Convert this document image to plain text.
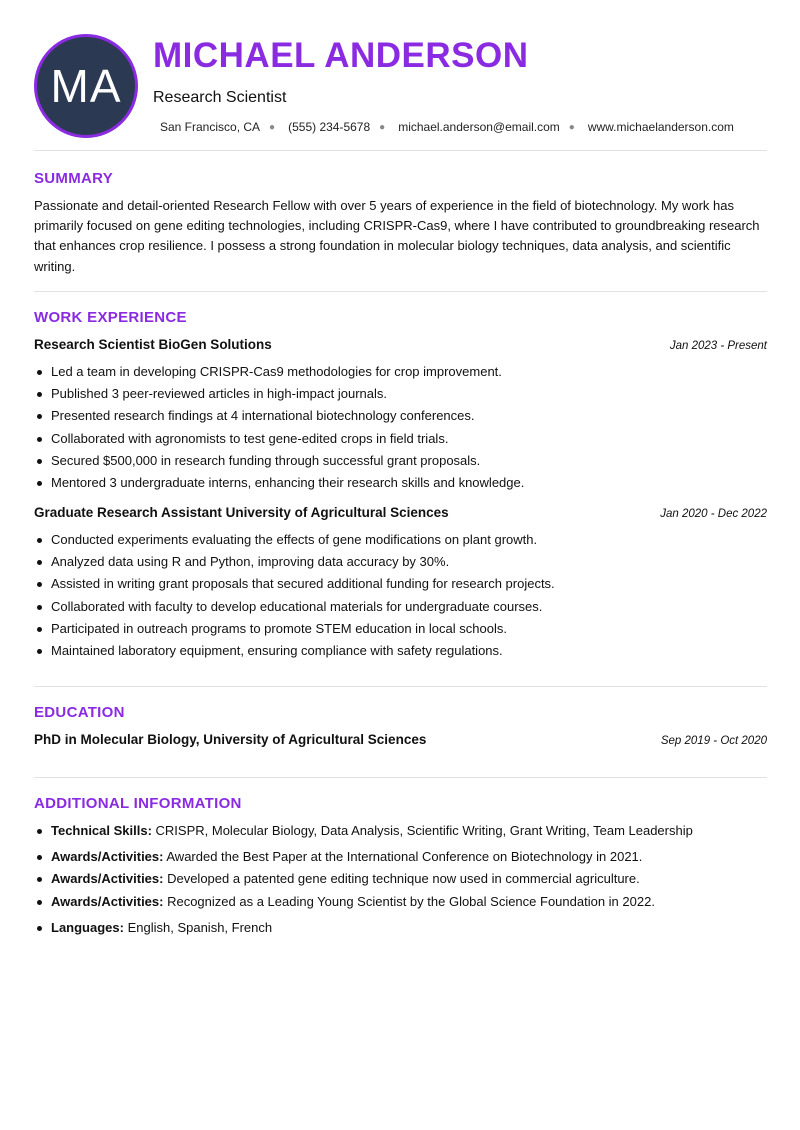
MA
MICHAEL ANDERSON
Research Scientist
San Francisco, CA ● (555) 234-5678 ● michael.anderson@email.com ● www.michaelanderson.com
SUMMARY
Passionate and detail-oriented Research Fellow with over 5 years of experience in the field of biotechnology. My work has primarily focused on gene editing technologies, including CRISPR-Cas9, where I have contributed to groundbreaking research that enhances crop resilience. I possess a strong foundation in molecular biology techniques, data analysis, and scientific writing.
WORK EXPERIENCE
Research Scientist BioGen Solutions	Jan 2023 - Present
Led a team in developing CRISPR-Cas9 methodologies for crop improvement.
Published 3 peer-reviewed articles in high-impact journals.
Presented research findings at 4 international biotechnology conferences.
Collaborated with agronomists to test gene-edited crops in field trials.
Secured $500,000 in research funding through successful grant proposals.
Mentored 3 undergraduate interns, enhancing their research skills and knowledge.
Graduate Research Assistant University of Agricultural Sciences	Jan 2020 - Dec 2022
Conducted experiments evaluating the effects of gene modifications on plant growth.
Analyzed data using R and Python, improving data accuracy by 30%.
Assisted in writing grant proposals that secured additional funding for research projects.
Collaborated with faculty to develop educational materials for undergraduate courses.
Participated in outreach programs to promote STEM education in local schools.
Maintained laboratory equipment, ensuring compliance with safety regulations.
EDUCATION
PhD in Molecular Biology, University of Agricultural Sciences	Sep 2019 - Oct 2020
ADDITIONAL INFORMATION
Technical Skills: CRISPR, Molecular Biology, Data Analysis, Scientific Writing, Grant Writing, Team Leadership
Awards/Activities: Awarded the Best Paper at the International Conference on Biotechnology in 2021.
Awards/Activities: Developed a patented gene editing technique now used in commercial agriculture.
Awards/Activities: Recognized as a Leading Young Scientist by the Global Science Foundation in 2022.
Languages: English, Spanish, French
